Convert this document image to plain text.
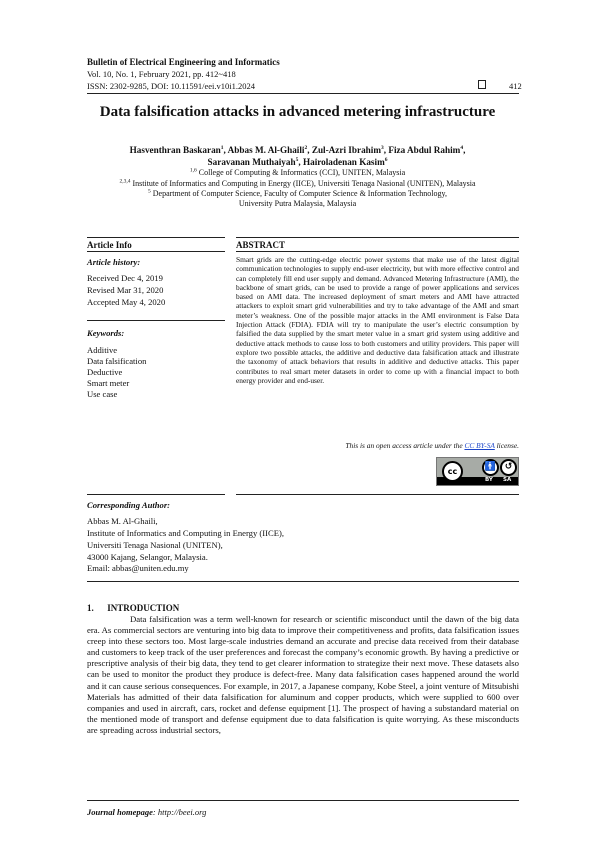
Bulletin of Electrical Engineering and Informatics
Vol. 10, No. 1, February 2021, pp. 412~418
ISSN: 2302-9285, DOI: 10.11591/eei.v10i1.2024	412
Data falsification attacks in advanced metering infrastructure
Hasventhran Baskaran$^1$, Abbas M. Al-Ghaili$^2$, Zul-Azri Ibrahim$^3$, Fiza Abdul Rahim$^4$,
Saravanan Muthaiyah$^5$, Hairoladenan Kasim$^6$
$^{1,6}$ College of Computing & Informatics (CCI), UNITEN, Malaysia
$^{2,3,4}$ Institute of Informatics and Computing in Energy (IICE), Universiti Tenaga Nasional (UNITEN), Malaysia
$^5$ Department of Computer Science, Faculty of Computer Science & Information Technology,
University Putra Malaysia, Malaysia
Article Info	ABSTRACT
Article history:
Received Dec 4, 2019
Revised Mar 31, 2020
Accepted May 4, 2020
Keywords:
Additive
Data falsification
Deductive
Smart meter
Use case
Smart grids are the cutting-edge electric power systems that make use of the latest digital communication technologies to supply end-user electricity, but with more effective control and can completely fill end user supply and demand. Advanced Metering Infrastructure (AMI), the backbone of smart grids, can be used to provide a range of power applications and services based on AMI data. The increased deployment of smart meters and AMI have attracted attackers to exploit smart grid vulnerabilities and try to take advantage of the AMI and smart meter’s weakness. One of the possible major attacks in the AMI environment is False Data Injection Attack (FDIA). FDIA will try to manipulate the user’s electric consumption by falsified the data supplied by the smart meter value in a smart grid system using additive and deductive attack methods to cause loss to both customers and utility providers. This paper will explore two possible attacks, the additive and deductive data falsification attack and illustrate the taxonomy of attack behaviors that results in additive and deductive attacks. This paper contributes to real smart meter datasets in order to come up with a financial impact to both energy provider and end-user.
This is an open access article under the CC BY-SA license.
cc	🚹 ↺
BY SA
Corresponding Author:
Abbas M. Al-Ghaili,
Institute of Informatics and Computing in Energy (IICE),
Universiti Tenaga Nasional (UNITEN),
43000 Kajang, Selangor, Malaysia.
Email: abbas@uniten.edu.my
1. INTRODUCTION

Data falsification was a term well-known for research or scientific misconduct until the dawn of the big data era. As commercial sectors are venturing into big data to improve their competitiveness and profits, data falsification issues creep into these sectors too. Most large-scale industries demand an accurate and precise data received from their database and customers to keep track of the user preferences and forecast the company’s economic growth. By having a predictive or prescriptive analysis of their big data, they tend to get clearer information to strategize their next move. These datasets also can be used to monitor the product they produce is defect-free. Many data falsification cases happened around the world and it can cause serious consequences. For example, in 2017, a Japanese company, Kobe Steel, a joint venture of Mitsubishi Materials has admitted of their data falsification for aluminum and copper products, which were supplied to 600 over companies and used in aircraft, cars, rocket and defense equipment [1]. The prospect of having a substandard material on the mentioned mode of transport and defense equipment due to data falsification is quite worrying. As these misconducts are spreading across industrial sectors,

Journal homepage: http://beei.org
